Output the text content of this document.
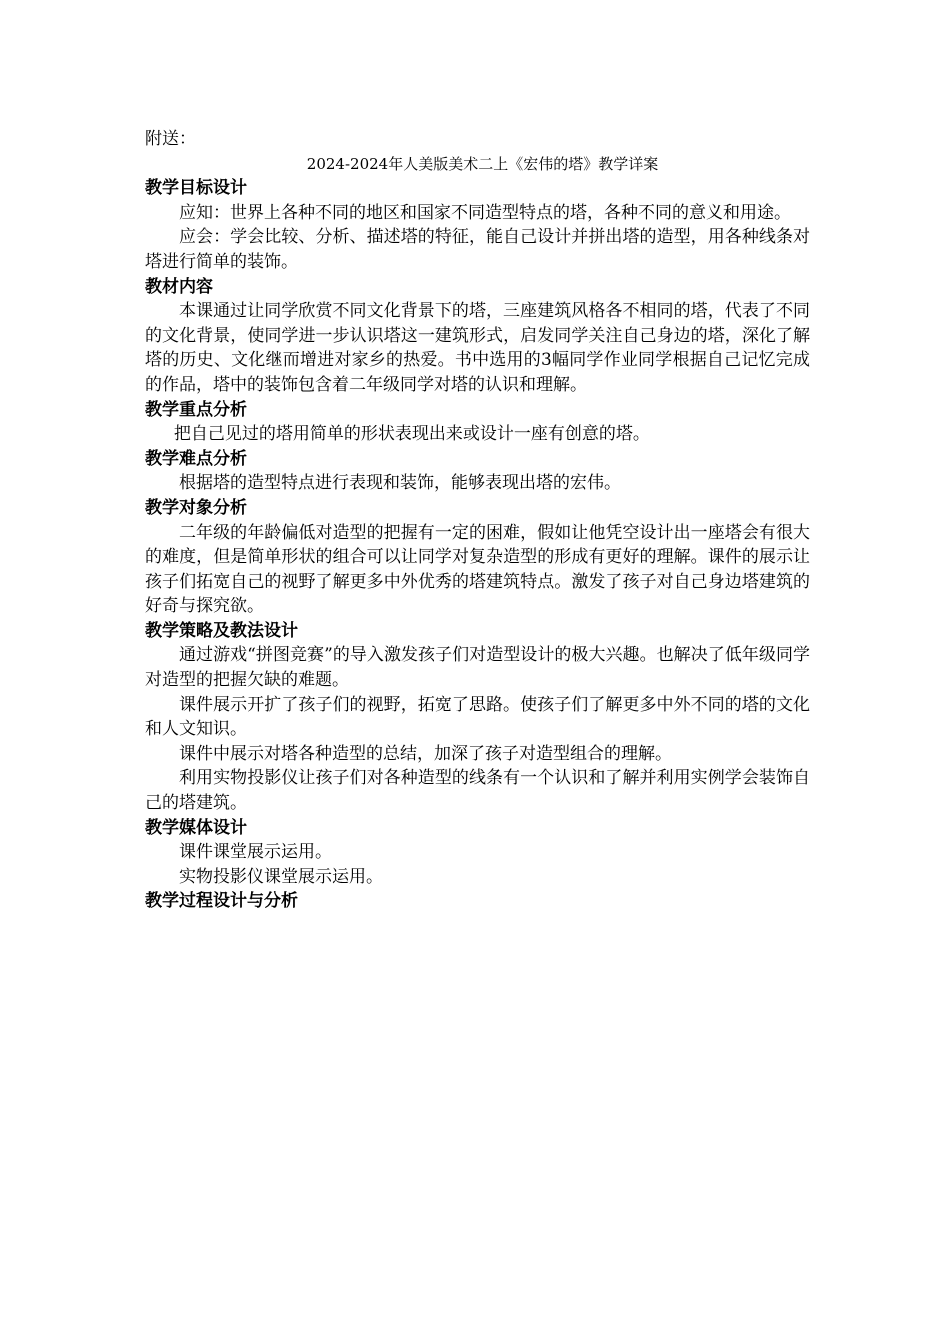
附送：

2024-2024年人美版美术二上《宏伟的塔》教学详案

教学目标设计

应知：世界上各种不同的地区和国家不同造型特点的塔，各种不同的意义和用途。

应会：学会比较、分析、描述塔的特征，能自己设计并拼出塔的造型，用各种线条对塔进行简单的装饰。

教材内容

本课通过让同学欣赏不同文化背景下的塔，三座建筑风格各不相同的塔，代表了不同的文化背景，使同学进一步认识塔这一建筑形式，启发同学关注自己身边的塔，深化了解塔的历史、文化继而增进对家乡的热爱。书中选用的3幅同学作业同学根据自己记忆完成的作品，塔中的装饰包含着二年级同学对塔的认识和理解。

教学重点分析

把自己见过的塔用简单的形状表现出来或设计一座有创意的塔。

教学难点分析

根据塔的造型特点进行表现和装饰，能够表现出塔的宏伟。

教学对象分析

二年级的年龄偏低对造型的把握有一定的困难，假如让他凭空设计出一座塔会有很大的难度，但是简单形状的组合可以让同学对复杂造型的形成有更好的理解。课件的展示让孩子们拓宽自己的视野了解更多中外优秀的塔建筑特点。激发了孩子对自己身边塔建筑的好奇与探究欲。

教学策略及教法设计

通过游戏“拼图竞赛”的导入激发孩子们对造型设计的极大兴趣。也解决了低年级同学对造型的把握欠缺的难题。

课件展示开扩了孩子们的视野，拓宽了思路。使孩子们了解更多中外不同的塔的文化和人文知识。

课件中展示对塔各种造型的总结，加深了孩子对造型组合的理解。

利用实物投影仪让孩子们对各种造型的线条有一个认识和了解并利用实例学会装饰自己的塔建筑。

教学媒体设计

课件课堂展示运用。

实物投影仪课堂展示运用。

教学过程设计与分析
